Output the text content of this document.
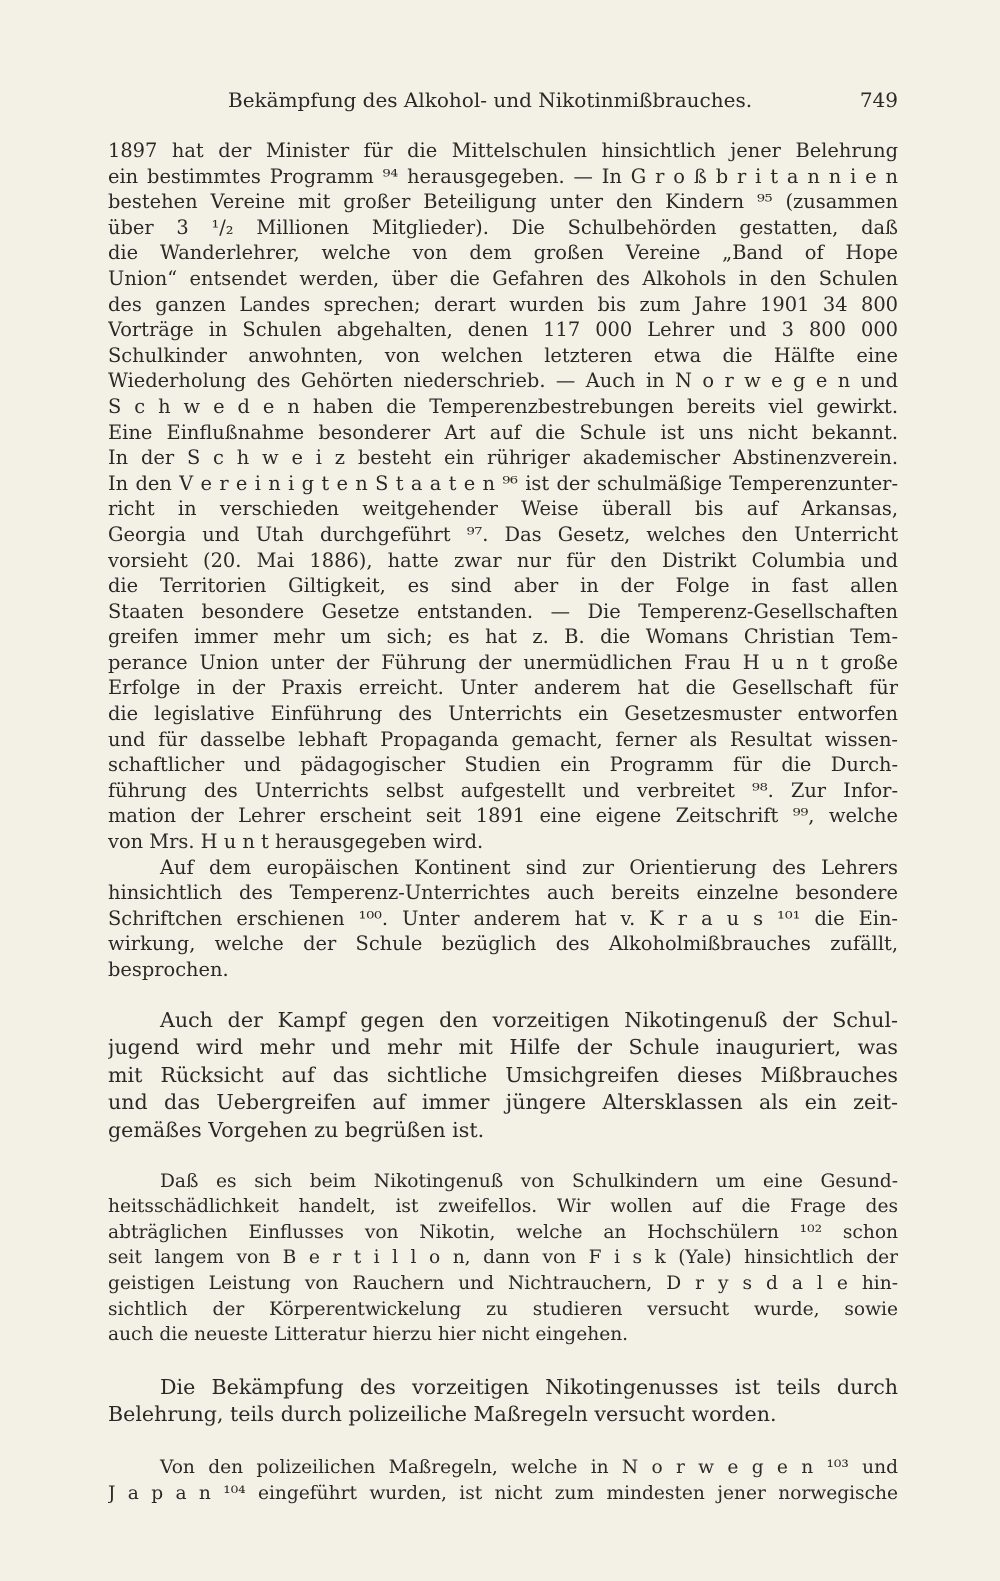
Bekämpfung des Alkohol- und Nikotinmißbrauches.	749
1897 hat der Minister für die Mittelschulen hinsichtlich jener Belehrung
ein bestimmtes Programm ⁹⁴ herausgegeben. — In G r o ß b r i t a n n i e n
bestehen Vereine mit großer Beteiligung unter den Kindern ⁹⁵ (zusammen
über 3 ¹/₂ Millionen Mitglieder). Die Schulbehörden gestatten, daß
die Wanderlehrer, welche von dem großen Vereine „Band of Hope
Union“ entsendet werden, über die Gefahren des Alkohols in den Schulen
des ganzen Landes sprechen; derart wurden bis zum Jahre 1901 34 800
Vorträge in Schulen abgehalten, denen 117 000 Lehrer und 3 800 000
Schulkinder anwohnten, von welchen letzteren etwa die Hälfte eine
Wiederholung des Gehörten niederschrieb. — Auch in N o r w e g e n und
S c h w e d e n haben die Temperenzbestrebungen bereits viel gewirkt.
Eine Einflußnahme besonderer Art auf die Schule ist uns nicht bekannt.
In der S c h w e i z besteht ein rühriger akademischer Abstinenzverein.
In den V e r e i n i g t e n S t a a t e n ⁹⁶ ist der schulmäßige Temperenzunter-
richt in verschieden weitgehender Weise überall bis auf Arkansas,
Georgia und Utah durchgeführt ⁹⁷. Das Gesetz, welches den Unterricht
vorsieht (20. Mai 1886), hatte zwar nur für den Distrikt Columbia und
die Territorien Giltigkeit, es sind aber in der Folge in fast allen
Staaten besondere Gesetze entstanden. — Die Temperenz-Gesellschaften
greifen immer mehr um sich; es hat z. B. die Womans Christian Tem-
perance Union unter der Führung der unermüdlichen Frau H u n t große
Erfolge in der Praxis erreicht. Unter anderem hat die Gesellschaft für
die legislative Einführung des Unterrichts ein Gesetzesmuster entworfen
und für dasselbe lebhaft Propaganda gemacht, ferner als Resultat wissen-
schaftlicher und pädagogischer Studien ein Programm für die Durch-
führung des Unterrichts selbst aufgestellt und verbreitet ⁹⁸. Zur Infor-
mation der Lehrer erscheint seit 1891 eine eigene Zeitschrift ⁹⁹, welche
von Mrs. H u n t herausgegeben wird.
Auf dem europäischen Kontinent sind zur Orientierung des Lehrers
hinsichtlich des Temperenz-Unterrichtes auch bereits einzelne besondere
Schriftchen erschienen ¹⁰⁰. Unter anderem hat v. K r a u s ¹⁰¹ die Ein-
wirkung, welche der Schule bezüglich des Alkoholmißbrauches zufällt,
besprochen.
Auch der Kampf gegen den vorzeitigen Nikotingenuß der Schul-
jugend wird mehr und mehr mit Hilfe der Schule inauguriert, was
mit Rücksicht auf das sichtliche Umsichgreifen dieses Mißbrauches
und das Uebergreifen auf immer jüngere Altersklassen als ein zeit-
gemäßes Vorgehen zu begrüßen ist.
Daß es sich beim Nikotingenuß von Schulkindern um eine Gesund-
heitsschädlichkeit handelt, ist zweifellos. Wir wollen auf die Frage des
abträglichen Einflusses von Nikotin, welche an Hochschülern ¹⁰² schon
seit langem von B e r t i l l o n, dann von F i s k (Yale) hinsichtlich der
geistigen Leistung von Rauchern und Nichtrauchern, D r y s d a l e hin-
sichtlich der Körperentwickelung zu studieren versucht wurde, sowie
auch die neueste Litteratur hierzu hier nicht eingehen.
Die Bekämpfung des vorzeitigen Nikotingenusses ist teils durch
Belehrung, teils durch polizeiliche Maßregeln versucht worden.
Von den polizeilichen Maßregeln, welche in N o r w e g e n ¹⁰³ und
J a p a n ¹⁰⁴ eingeführt wurden, ist nicht zum mindesten jener norwegische
